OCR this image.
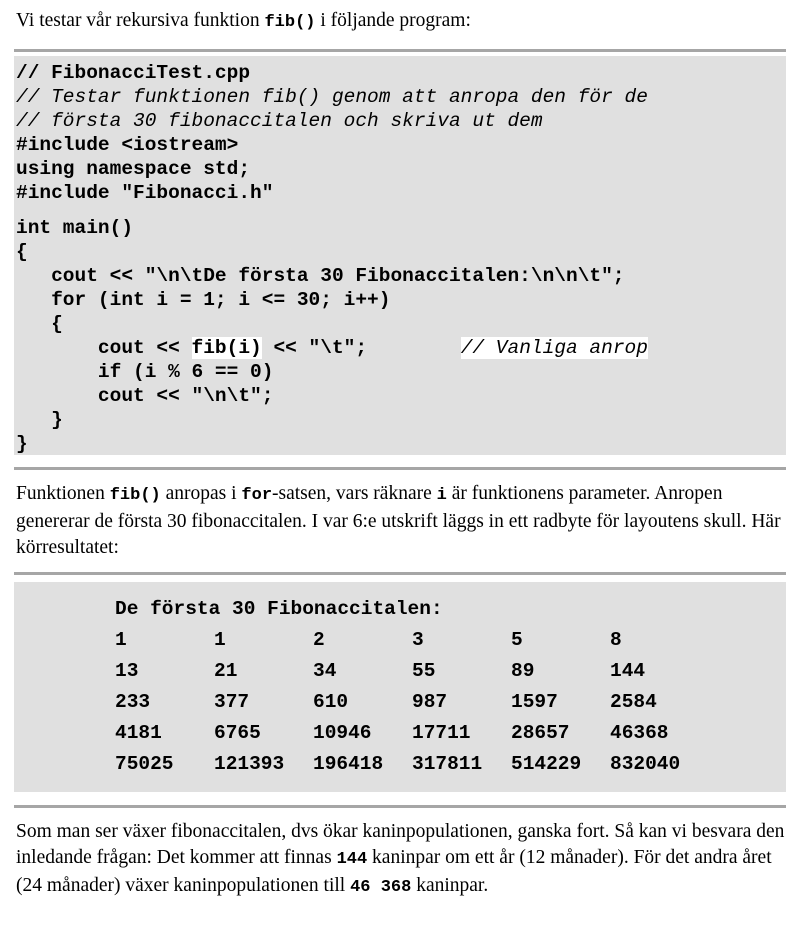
Vi testar vår rekursiva funktion fib() i följande program:

// FibonacciTest.cpp
// Testar funktionen fib() genom att anropa den för de
// första 30 fibonaccitalen och skriva ut dem
#include <iostream>
using namespace std;
#include "Fibonacci.h"
int main()
{
cout << "\n\tDe första 30 Fibonaccitalen:\n\n\t";
for (int i = 1; i <= 30; i++)
{
cout << fib(i) << "\t";	// Vanliga anrop
if (i % 6 == 0)
cout << "\n\t";
}
}

Funktionen fib() anropas i for-satsen, vars räknare i är funktionens parameter. Anropen genererar de första 30 fibonaccitalen. I var 6:e utskrift läggs in ett radbyte för layoutens skull. Här körresultatet:

De första 30 Fibonaccitalen:
1	1	2	3	5	8
13	21	34	55	89	144
233	377	610	987	1597	2584
4181	6765	10946 17711 28657 46368
75025 121393 196418 317811 514229 832040

Som man ser växer fibonaccitalen, dvs ökar kaninpopulationen, ganska fort. Så kan vi besvara den inledande frågan: Det kommer att finnas 144 kaninpar om ett år (12 månader). För det andra året (24 månader) växer kaninpopulationen till 46 368 kaninpar.
